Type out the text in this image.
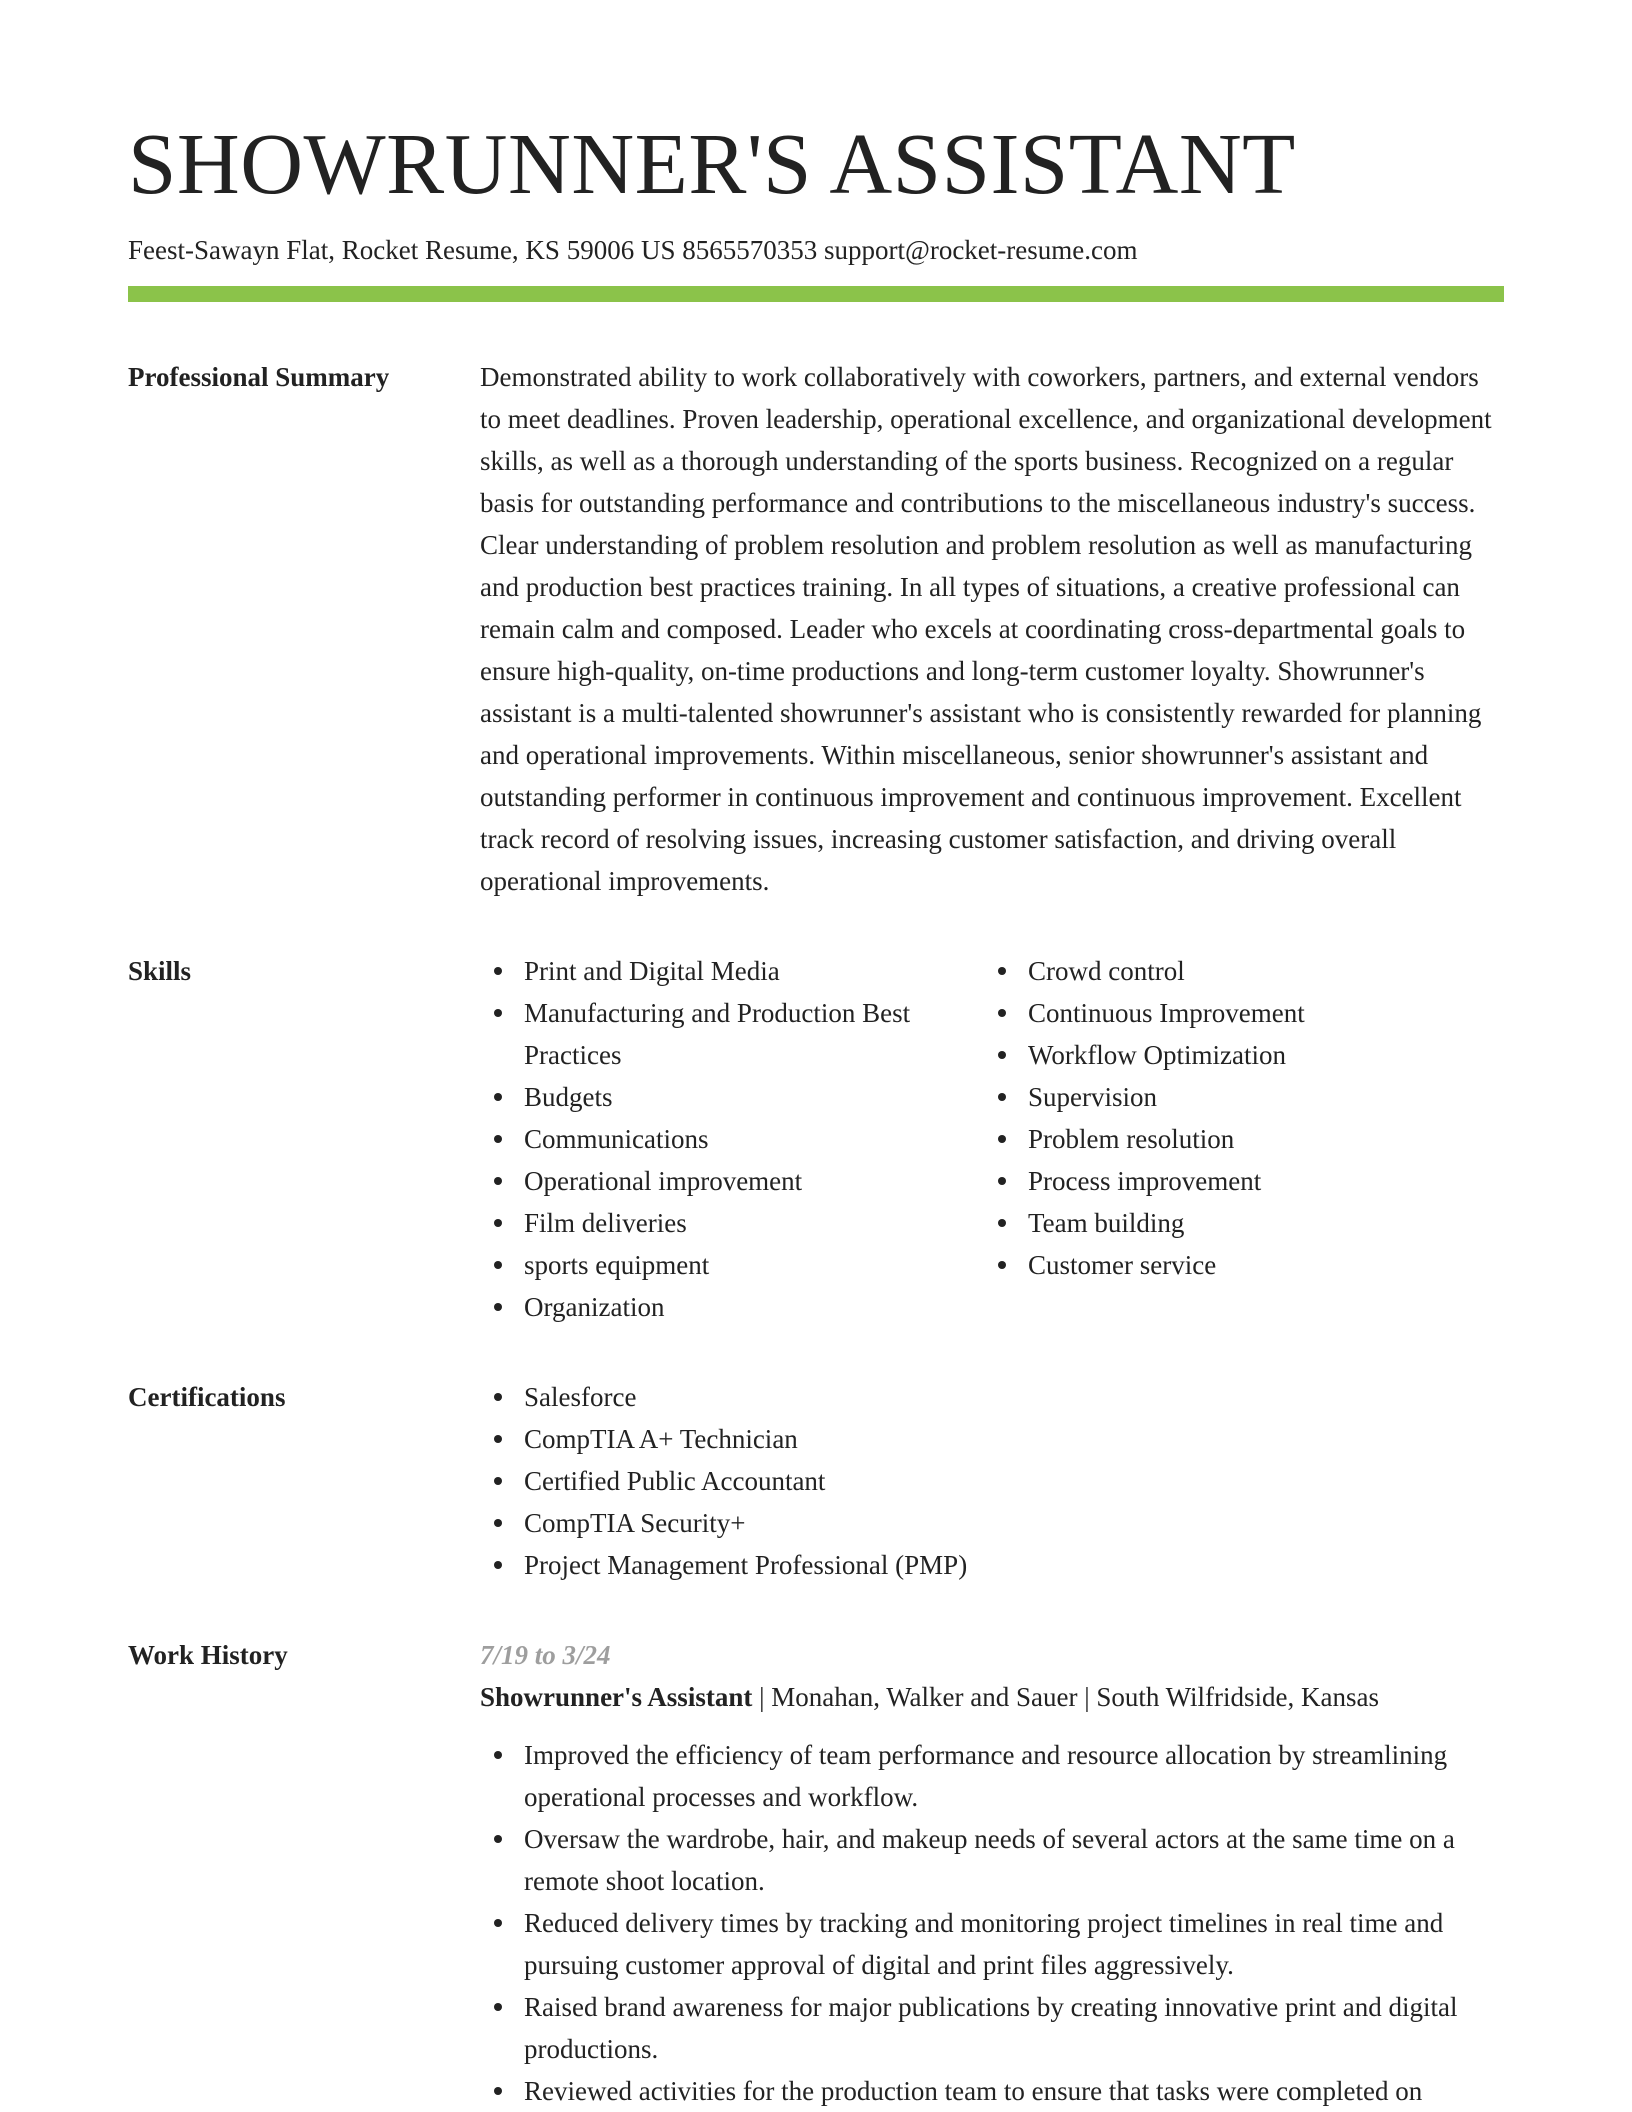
SHOWRUNNER'S ASSISTANT
Feest-Sawayn Flat, Rocket Resume, KS 59006 US 8565570353 support@rocket-resume.com
Professional Summary	Demonstrated ability to work collaboratively with coworkers, partners, and external vendors to meet deadlines. Proven leadership, operational excellence, and organizational development skills, as well as a thorough understanding of the sports business. Recognized on a regular basis for outstanding performance and contributions to the miscellaneous industry's success. Clear understanding of problem resolution and problem resolution as well as manufacturing and production best practices training. In all types of situations, a creative professional can remain calm and composed. Leader who excels at coordinating cross-departmental goals to ensure high-quality, on-time productions and long-term customer loyalty. Showrunner's assistant is a multi-talented showrunner's assistant who is consistently rewarded for planning and operational improvements. Within miscellaneous, senior showrunner's assistant and outstanding performer in continuous improvement and continuous improvement. Excellent track record of resolving issues, increasing customer satisfaction, and driving overall operational improvements.

Skills	Print and Digital Media
Manufacturing and Production Best Practices
Budgets
Communications
Operational improvement
Film deliveries
sports equipment
Organization
Crowd control
Continuous Improvement
Workflow Optimization
Supervision
Problem resolution
Process improvement
Team building
Customer service
Certifications	Salesforce
CompTIA A+ Technician
Certified Public Accountant
CompTIA Security+
Project Management Professional (PMP)
Work History	7/19 to 3/24
Showrunner's Assistant | Monahan, Walker and Sauer | South Wilfridside, Kansas
Improved the efficiency of team performance and resource allocation by streamlining operational processes and workflow.
Oversaw the wardrobe, hair, and makeup needs of several actors at the same time on a remote shoot location.
Reduced delivery times by tracking and monitoring project timelines in real time and pursuing customer approval of digital and print files aggressively.
Raised brand awareness for major publications by creating innovative print and digital productions.
Reviewed activities for the production team to ensure that tasks were completed on
